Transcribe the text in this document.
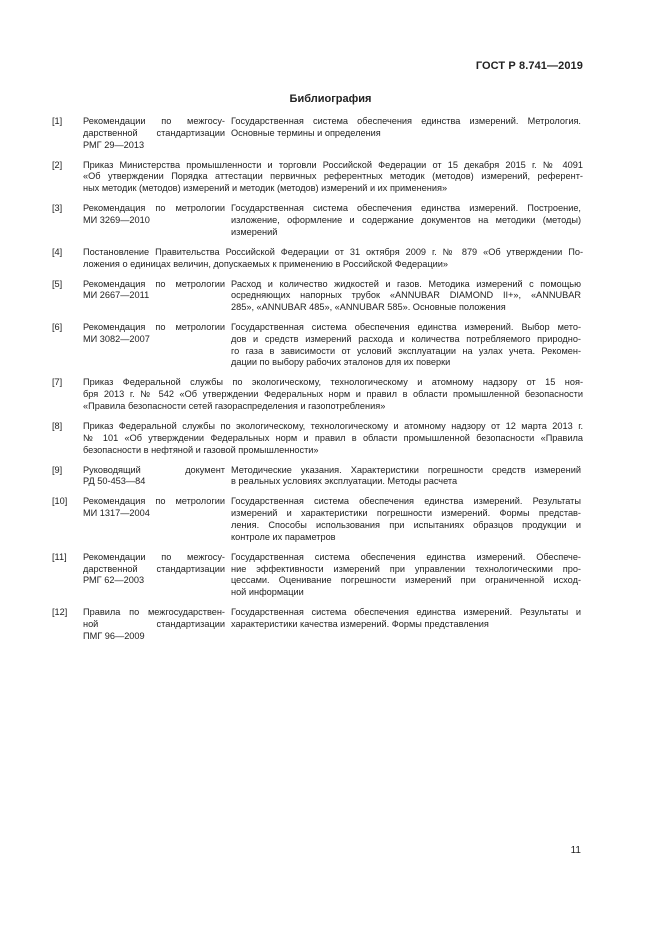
ГОСТ Р 8.741—2019
Библиография
[1] Рекомендации по межгосу-
дарственной стандартизации
РМГ 29—2013
Государственная система обеспечения единства измерений. Метрология.
Основные термины и определения
[2] Приказ Министерства промышленности и торговли Российской Федерации от 15 декабря 2015 г. № 4091
«Об утверждении Порядка аттестации первичных референтных методик (методов) измерений, референт-
ных методик (методов) измерений и методик (методов) измерений и их применения»
[3] Рекомендация по метрологии
МИ 3269—2010
Государственная система обеспечения единства измерений. Построение,
изложение, оформление и содержание документов на методики (методы)
измерений
[4] Постановление Правительства Российской Федерации от 31 октября 2009 г. № 879 «Об утверждении По-
ложения о единицах величин, допускаемых к применению в Российской Федерации»
[5] Рекомендация по метрологии
МИ 2667—2011
Расход и количество жидкостей и газов. Методика измерений с помощью
осредняющих напорных трубок «ANNUBAR DIAMOND II+», «ANNUBAR
285», «ANNUBAR 485», «ANNUBAR 585». Основные положения
[6] Рекомендация по метрологии
МИ 3082—2007
Государственная система обеспечения единства измерений. Выбор мето-
дов и средств измерений расхода и количества потребляемого природно-
го газа в зависимости от условий эксплуатации на узлах учета. Рекомен-
дации по выбору рабочих эталонов для их поверки
[7] Приказ Федеральной службы по экологическому, технологическому и атомному надзору от 15 ноя-
бря 2013 г. № 542 «Об утверждении Федеральных норм и правил в области промышленной безопасности
«Правила безопасности сетей газораспределения и газопотребления»
[8] Приказ Федеральной службы по экологическому, технологическому и атомному надзору от 12 марта 2013 г.
№ 101 «Об утверждении Федеральных норм и правил в области промышленной безопасности «Правила
безопасности в нефтяной и газовой промышленности»
[9] Руководящий документ
РД 50-453—84
Методические указания. Характеристики погрешности средств измерений
в реальных условиях эксплуатации. Методы расчета
[10] Рекомендация по метрологии
МИ 1317—2004
Государственная система обеспечения единства измерений. Результаты
измерений и характеристики погрешности измерений. Формы представ-
ления. Способы использования при испытаниях образцов продукции и
контроле их параметров
[11] Рекомендации по межгосу-
дарственной стандартизации
РМГ 62—2003
Государственная система обеспечения единства измерений. Обеспече-
ние эффективности измерений при управлении технологическими про-
цессами. Оценивание погрешности измерений при ограниченной исход-
ной информации
[12] Правила по межгосударствен-
ной стандартизации
ПМГ 96—2009
Государственная система обеспечения единства измерений. Результаты и
характеристики качества измерений. Формы представления
11
